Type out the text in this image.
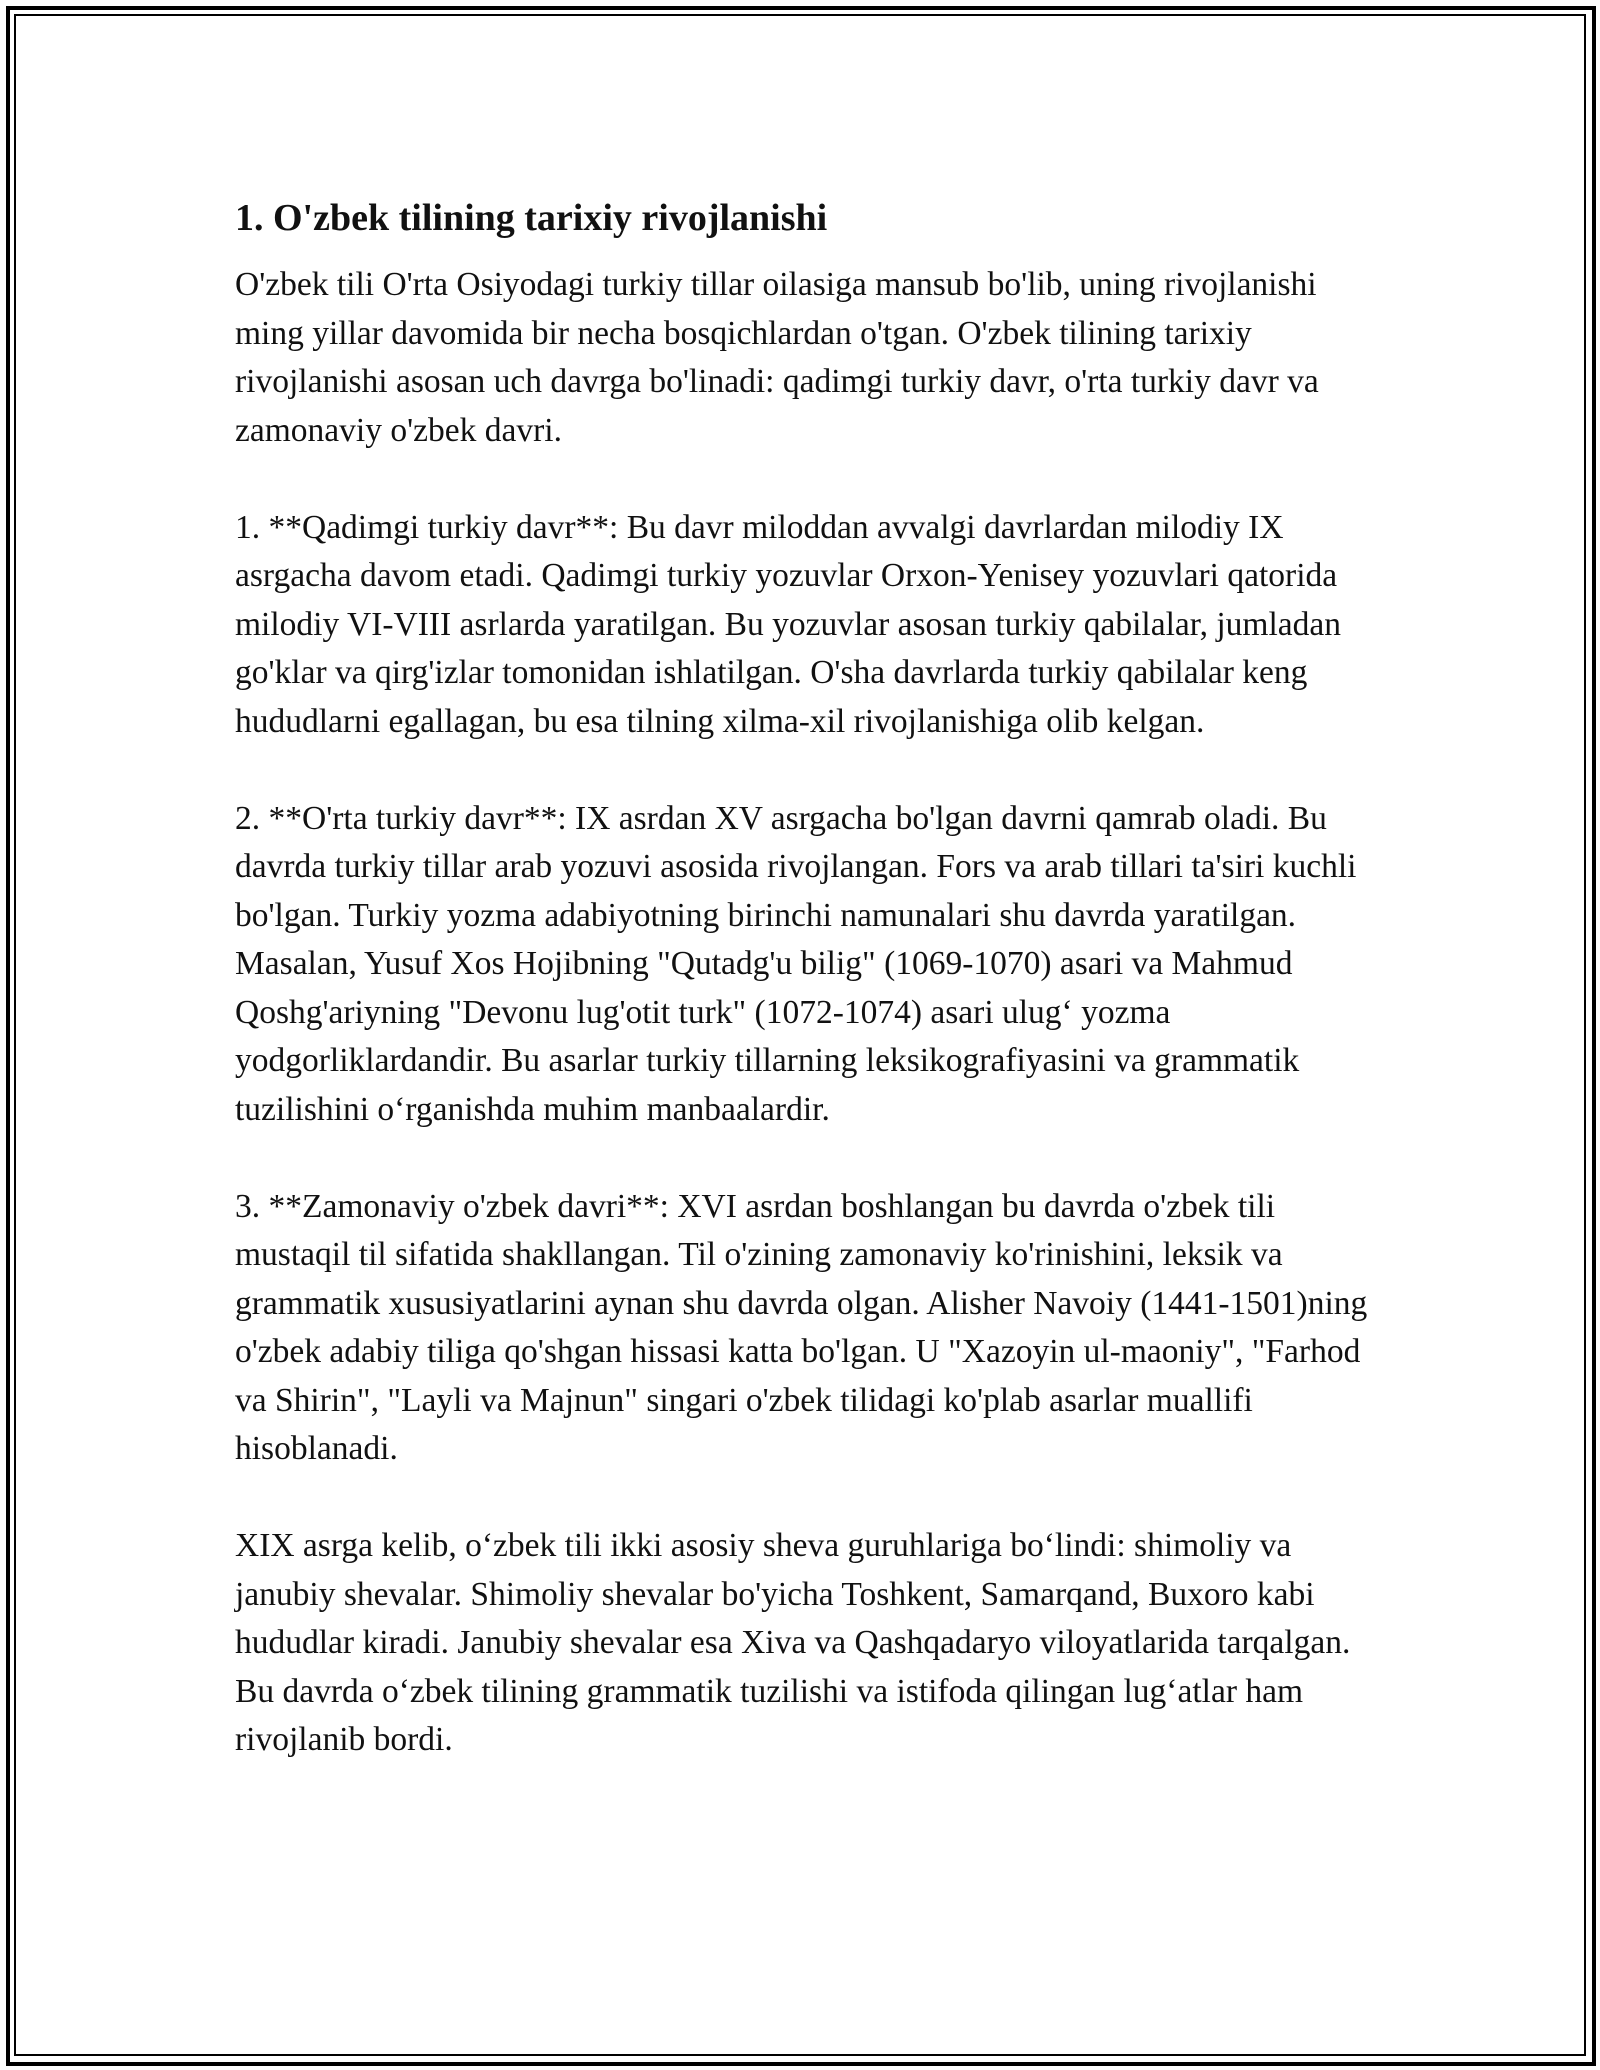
1. O'zbek tilining tarixiy rivojlanishi

O'zbek tili O'rta Osiyodagi turkiy tillar oilasiga mansub bo'lib, uning rivojlanishi ming yillar davomida bir necha bosqichlardan o'tgan. O'zbek tilining tarixiy rivojlanishi asosan uch davrga bo'linadi: qadimgi turkiy davr, o'rta turkiy davr va zamonaviy o'zbek davri.

1. **Qadimgi turkiy davr**: Bu davr miloddan avvalgi davrlardan milodiy IX asrgacha davom etadi. Qadimgi turkiy yozuvlar Orxon-Yenisey yozuvlari qatorida milodiy VI-VIII asrlarda yaratilgan. Bu yozuvlar asosan turkiy qabilalar, jumladan go'klar va qirg'izlar tomonidan ishlatilgan. O'sha davrlarda turkiy qabilalar keng hududlarni egallagan, bu esa tilning xilma-xil rivojlanishiga olib kelgan.

2. **O'rta turkiy davr**: IX asrdan XV asrgacha bo'lgan davrni qamrab oladi. Bu davrda turkiy tillar arab yozuvi asosida rivojlangan. Fors va arab tillari ta'siri kuchli bo'lgan. Turkiy yozma adabiyotning birinchi namunalari shu davrda yaratilgan. Masalan, Yusuf Xos Hojibning "Qutadg'u bilig" (1069-1070) asari va Mahmud Qoshg'ariyning "Devonu lug'otit turk" (1072-1074) asari ulug‘ yozma yodgorliklardandir. Bu asarlar turkiy tillarning leksikografiyasini va grammatik tuzilishini o‘rganishda muhim manbaalardir.

3. **Zamonaviy o'zbek davri**: XVI asrdan boshlangan bu davrda o'zbek tili mustaqil til sifatida shakllangan. Til o'zining zamonaviy ko'rinishini, leksik va grammatik xususiyatlarini aynan shu davrda olgan. Alisher Navoiy (1441-1501)ning o'zbek adabiy tiliga qo'shgan hissasi katta bo'lgan. U "Xazoyin ul-maoniy", "Farhod va Shirin", "Layli va Majnun" singari o'zbek tilidagi ko'plab asarlar muallifi hisoblanadi.

XIX asrga kelib, o‘zbek tili ikki asosiy sheva guruhlariga bo‘lindi: shimoliy va janubiy shevalar. Shimoliy shevalar bo'yicha Toshkent, Samarqand, Buxoro kabi hududlar kiradi. Janubiy shevalar esa Xiva va Qashqadaryo viloyatlarida tarqalgan. Bu davrda o‘zbek tilining grammatik tuzilishi va istifoda qilingan lug‘atlar ham rivojlanib bordi.
